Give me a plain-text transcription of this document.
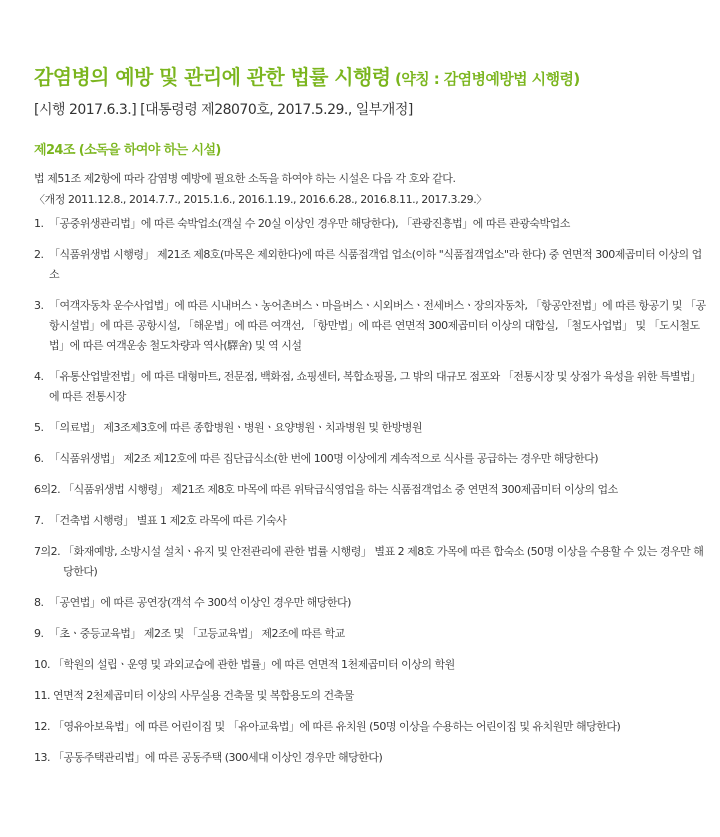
감염병의 예방 및 관리에 관한 법률 시행령 (약칭 : 감염병예방법 시행령)
[시행 2017.6.3.] [대통령령 제28070호, 2017.5.29., 일부개정]
제24조 (소독을 하여야 하는 시설)
법 제51조 제2항에 따라 감염병 예방에 필요한 소독을 하여야 하는 시설은 다음 각 호와 같다.
〈개정 2011.12.8., 2014.7.7., 2015.1.6., 2016.1.19., 2016.6.28., 2016.8.11., 2017.3.29.〉
1. 「공중위생관리법」에 따른 숙박업소(객실 수 20실 이상인 경우만 해당한다), 「관광진흥법」에 따른 관광숙박업소
2. 「식품위생법 시행령」 제21조 제8호(마목은 제외한다)에 따른 식품접객업 업소(이하 "식품접객업소"라 한다) 중 연면적 300제곱미터 이상의 업소
3. 「여객자동차 운수사업법」에 따른 시내버스ㆍ농어촌버스ㆍ마을버스ㆍ시외버스ㆍ전세버스ㆍ장의자동차, 「항공안전법」에 따른 항공기 및 「공항시설법」에 따른 공항시설, 「해운법」에 따른 여객선, 「항만법」에 따른 연면적 300제곱미터 이상의 대합실, 「철도사업법」 및 「도시철도법」에 따른 여객운송 철도차량과 역사(驛舍) 및 역 시설
4. 「유통산업발전법」에 따른 대형마트, 전문점, 백화점, 쇼핑센터, 복합쇼핑몰, 그 밖의 대규모 점포와 「전통시장 및 상점가 육성을 위한 특별법」에 따른 전통시장
5. 「의료법」 제3조제3호에 따른 종합병원ㆍ병원ㆍ요양병원ㆍ치과병원 및 한방병원
6. 「식품위생법」 제2조 제12호에 따른 집단급식소(한 번에 100명 이상에게 계속적으로 식사를 공급하는 경우만 해당한다)
6의2. 「식품위생법 시행령」 제21조 제8호 마목에 따른 위탁급식영업을 하는 식품접객업소 중 연면적 300제곱미터 이상의 업소
7. 「건축법 시행령」 별표 1 제2호 라목에 따른 기숙사
7의2. 「화재예방, 소방시설 설치ㆍ유지 및 안전관리에 관한 법률 시행령」 별표 2 제8호 가목에 따른 합숙소 (50명 이상을 수용할 수 있는 경우만 해당한다)
8. 「공연법」에 따른 공연장(객석 수 300석 이상인 경우만 해당한다)
9. 「초ㆍ중등교육법」 제2조 및 「고등교육법」 제2조에 따른 학교
10. 「학원의 설립ㆍ운영 및 과외교습에 관한 법률」에 따른 연면적 1천제곱미터 이상의 학원
11. 연면적 2천제곱미터 이상의 사무실용 건축물 및 복합용도의 건축물
12. 「영유아보육법」에 따른 어린이집 및 「유아교육법」에 따른 유치원 (50명 이상을 수용하는 어린이집 및 유치원만 해당한다)
13. 「공동주택관리법」에 따른 공동주택 (300세대 이상인 경우만 해당한다)
